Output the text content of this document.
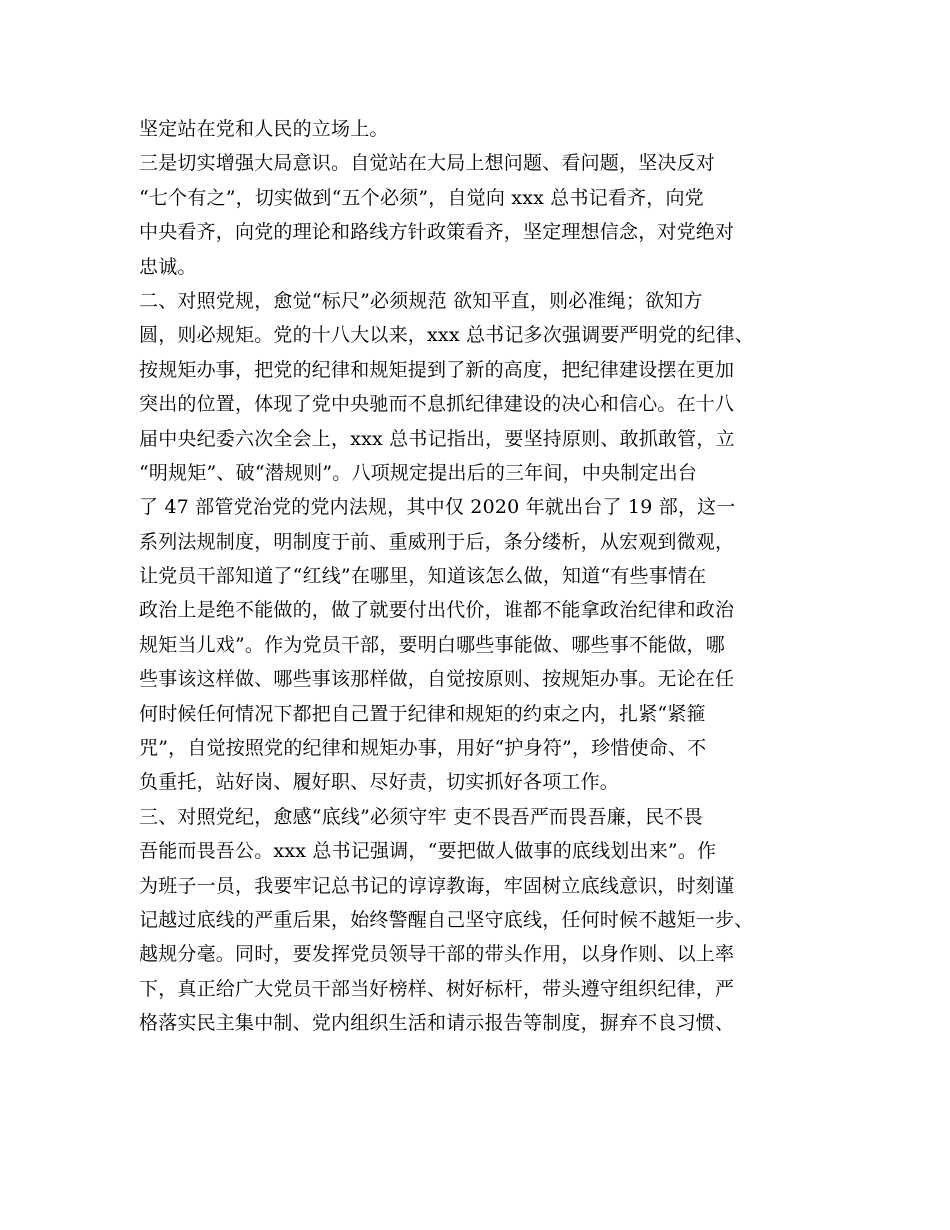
坚定站在党和人民的立场上。
三是切实增强大局意识。自觉站在大局上想问题、看问题，坚决反对
“七个有之”，切实做到“五个必须”，自觉向 xxx 总书记看齐，向党
中央看齐，向党的理论和路线方针政策看齐，坚定理想信念，对党绝对
忠诚。
二、对照党规，愈觉“标尺”必须规范 欲知平直，则必准绳；欲知方
圆，则必规矩。党的十八大以来，xxx 总书记多次强调要严明党的纪律、
按规矩办事，把党的纪律和规矩提到了新的高度，把纪律建设摆在更加
突出的位置，体现了党中央驰而不息抓纪律建设的决心和信心。在十八
届中央纪委六次全会上，xxx 总书记指出，要坚持原则、敢抓敢管，立
“明规矩”、破“潜规则”。八项规定提出后的三年间，中央制定出台
了 47 部管党治党的党内法规，其中仅 2020 年就出台了 19 部，这一
系列法规制度，明制度于前、重威刑于后，条分缕析，从宏观到微观，
让党员干部知道了“红线”在哪里，知道该怎么做，知道“有些事情在
政治上是绝不能做的，做了就要付出代价，谁都不能拿政治纪律和政治
规矩当儿戏”。作为党员干部，要明白哪些事能做、哪些事不能做，哪
些事该这样做、哪些事该那样做，自觉按原则、按规矩办事。无论在任
何时候任何情况下都把自己置于纪律和规矩的约束之内，扎紧“紧箍
咒”，自觉按照党的纪律和规矩办事，用好“护身符”，珍惜使命、不
负重托，站好岗、履好职、尽好责，切实抓好各项工作。
三、对照党纪，愈感“底线”必须守牢 吏不畏吾严而畏吾廉，民不畏
吾能而畏吾公。xxx 总书记强调，“要把做人做事的底线划出来”。作
为班子一员，我要牢记总书记的谆谆教诲，牢固树立底线意识，时刻谨
记越过底线的严重后果，始终警醒自己坚守底线，任何时候不越矩一步、
越规分毫。同时，要发挥党员领导干部的带头作用，以身作则、以上率
下，真正给广大党员干部当好榜样、树好标杆，带头遵守组织纪律，严
格落实民主集中制、党内组织生活和请示报告等制度，摒弃不良习惯、
